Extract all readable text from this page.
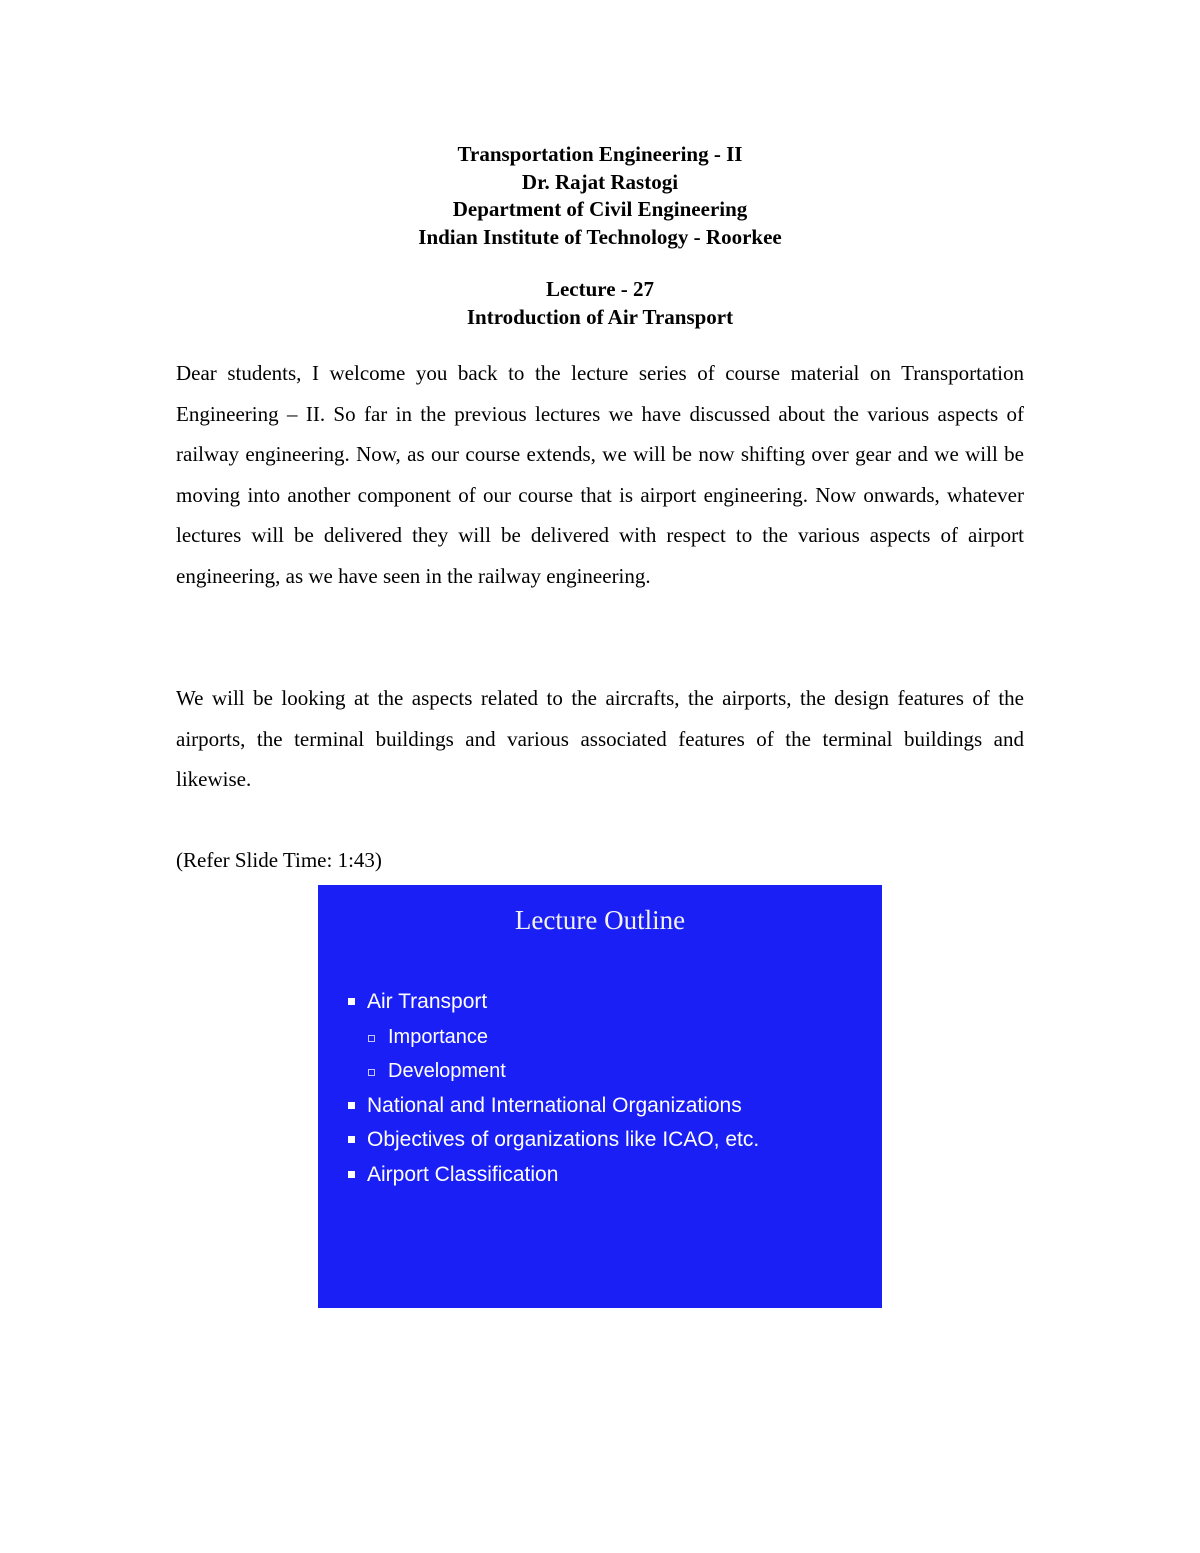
Transportation Engineering - II
Dr. Rajat Rastogi
Department of Civil Engineering
Indian Institute of Technology - Roorkee
Lecture - 27
Introduction of Air Transport

Dear students, I welcome you back to the lecture series of course material on Transportation Engineering – II. So far in the previous lectures we have discussed about the various aspects of railway engineering. Now, as our course extends, we will be now shifting over gear and we will be moving into another component of our course that is airport engineering. Now onwards, whatever lectures will be delivered they will be delivered with respect to the various aspects of airport engineering, as we have seen in the railway engineering.

We will be looking at the aspects related to the aircrafts, the airports, the design features of the airports, the terminal buildings and various associated features of the terminal buildings and likewise.

(Refer Slide Time: 1:43)
Lecture Outline
Air Transport
Importance
Development
National and International Organizations
Objectives of organizations like ICAO, etc.
Airport Classification
